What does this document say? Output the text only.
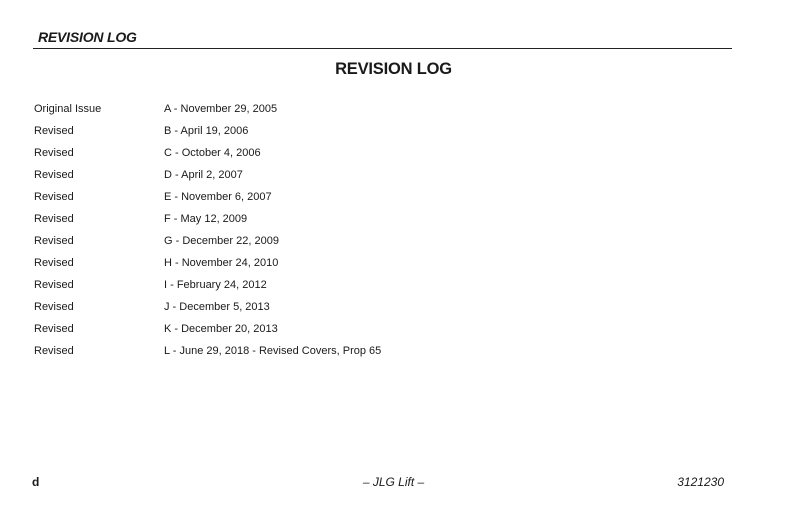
REVISION LOG
REVISION LOG
Original Issue	A - November 29, 2005
Revised	B - April 19, 2006
Revised	C - October 4, 2006
Revised	D - April 2, 2007
Revised	E - November 6, 2007
Revised	F - May 12, 2009
Revised	G - December 22, 2009
Revised	H - November 24, 2010
Revised	I - February 24, 2012
Revised	J - December 5, 2013
Revised	K - December 20, 2013
Revised	L - June 29, 2018 - Revised Covers, Prop 65
d	– JLG Lift –	3121230
